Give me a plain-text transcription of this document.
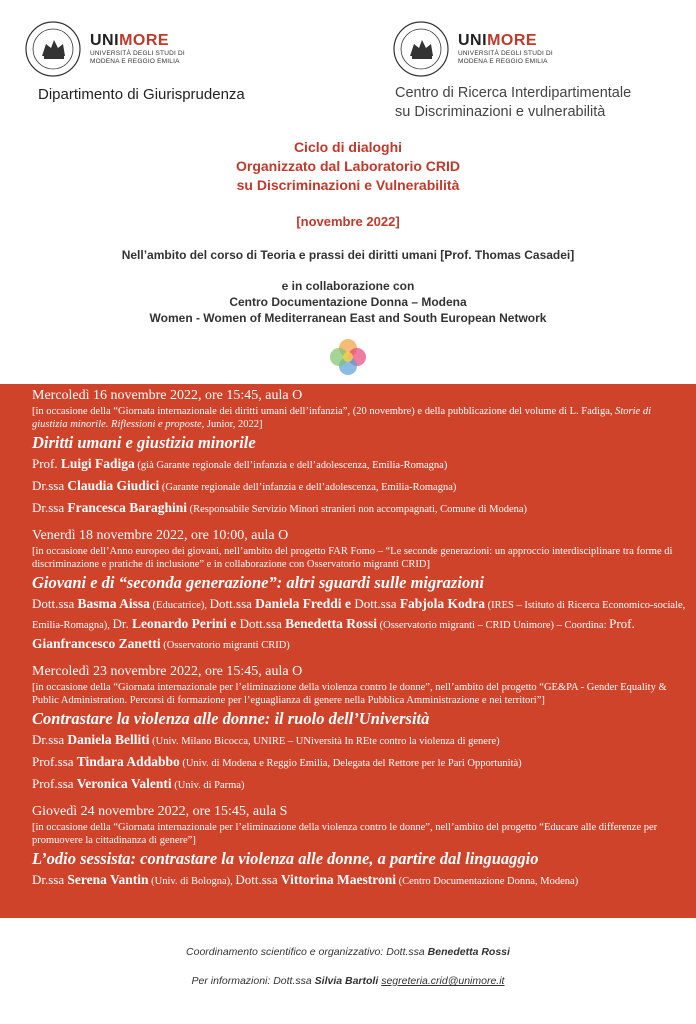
UNIMORE
UNIVERSITÀ DEGLI STUDI DI
MODENA E REGGIO EMILIA
Dipartimento di Giurisprudenza
UNIMORE
UNIVERSITÀ DEGLI STUDI DI
MODENA E REGGIO EMILIA
Centro di Ricerca Interdipartimentale
su Discriminazioni e vulnerabilità
Ciclo di dialoghi
Organizzato dal Laboratorio CRID
su Discriminazioni e Vulnerabilità
[novembre 2022]
Nell’ambito del corso di Teoria e prassi dei diritti umani [Prof. Thomas Casadei]
e in collaborazione con
Centro Documentazione Donna – Modena
Women - Women of Mediterranean East and South European Network
Mercoledì 16 novembre 2022, ore 15:45, aula O
[in occasione della “Giornata internazionale dei diritti umani dell’infanzia”, (20 novembre) e della pubblicazione del volume di L. Fadiga, Storie di giustizia minorile. Riflessioni e proposte, Junior, 2022]
Diritti umani e giustizia minorile
Prof. Luigi Fadiga (già Garante regionale dell’infanzia e dell’adolescenza, Emilia-Romagna)
Dr.ssa Claudia Giudici (Garante regionale dell’infanzia e dell’adolescenza, Emilia-Romagna)
Dr.ssa Francesca Baraghini (Responsabile Servizio Minori stranieri non accompagnati, Comune di Modena)
Venerdì 18 novembre 2022, ore 10:00, aula O
[in occasione dell’Anno europeo dei giovani, nell’ambito del progetto FAR Fomo – “Le seconde generazioni: un approccio interdisciplinare tra forme di discriminazione e pratiche di inclusione” e in collaborazione con Osservatorio migranti CRID]
Giovani e di “seconda generazione”: altri sguardi sulle migrazioni
Dott.ssa Basma Aissa (Educatrice), Dott.ssa Daniela Freddi e Dott.ssa Fabjola Kodra (IRES – Istituto di Ricerca Economico-sociale, Emilia-Romagna), Dr. Leonardo Perini e Dott.ssa Benedetta Rossi (Osservatorio migranti – CRID Unimore) – Coordina: Prof. Gianfrancesco Zanetti (Osservatorio migranti CRID)
Mercoledì 23 novembre 2022, ore 15:45, aula O
[in occasione della “Giornata internazionale per l’eliminazione della violenza contro le donne”, nell’ambito del progetto “GE&PA - Gender Equality & Public Administration. Percorsi di formazione per l’eguaglianza di genere nella Pubblica Amministrazione e nei territori”]
Contrastare la violenza alle donne: il ruolo dell’Università
Dr.ssa Daniela Belliti (Univ. Milano Bicocca, UNIRE – UNiversità In REte contro la violenza di genere)
Prof.ssa Tindara Addabbo (Univ. di Modena e Reggio Emilia, Delegata del Rettore per le Pari Opportunità)
Prof.ssa Veronica Valenti (Univ. di Parma)
Giovedì 24 novembre 2022, ore 15:45, aula S
[in occasione della “Giornata internazionale per l’eliminazione della violenza contro le donne”, nell’ambito del progetto “Educare alle differenze per promuovere la cittadinanza di genere”]
L’odio sessista: contrastare la violenza alle donne, a partire dal linguaggio
Dr.ssa Serena Vantin (Univ. di Bologna), Dott.ssa Vittorina Maestroni (Centro Documentazione Donna, Modena)
Coordinamento scientifico e organizzativo: Dott.ssa Benedetta Rossi
Per informazioni: Dott.ssa Silvia Bartoli segreteria.crid@unimore.it
